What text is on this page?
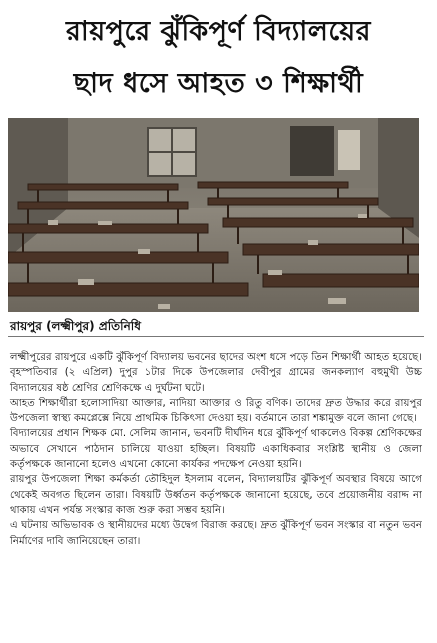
রায়পুরে ঝুঁকিপূর্ণ বিদ্যালয়ের
ছাদ ধসে আহত ৩ শিক্ষার্থী
রায়পুর (লক্ষ্মীপুর) প্রতিনিধি

লক্ষ্মীপুরের রায়পুরে একটি ঝুঁকিপূর্ণ বিদ্যালয় ভবনের ছাদের অংশ ধসে পড়ে তিন শিক্ষার্থী আহত হয়েছে। বৃহস্পতিবার (২ এপ্রিল) দুপুর ১টার দিকে উপজেলার দেবীপুর গ্রামের জনকল্যাণ বহুমুখী উচ্চ বিদ্যালয়ের ষষ্ঠ শ্রেণির শ্রেণিকক্ষে এ দুর্ঘটনা ঘটে।

আহত শিক্ষার্থীরা হলোসাদিয়া আক্তার, নাদিয়া আক্তার ও রিতু বণিক। তাদের দ্রুত উদ্ধার করে রায়পুর উপজেলা স্বাস্থ্য কমপ্লেক্সে নিয়ে প্রাথমিক চিকিৎসা দেওয়া হয়। বর্তমানে তারা শঙ্কামুক্ত বলে জানা গেছে।

বিদ্যালয়ের প্রধান শিক্ষক মো. সেলিম জানান, ভবনটি দীর্ঘদিন ধরে ঝুঁকিপূর্ণ থাকলেও বিকল্প শ্রেণিকক্ষের অভাবে সেখানে পাঠদান চালিয়ে যাওয়া হচ্ছিল। বিষয়টি একাধিকবার সংশ্লিষ্ট স্থানীয় ও জেলা কর্তৃপক্ষকে জানানো হলেও এখনো কোনো কার্যকর পদক্ষেপ নেওয়া হয়নি।

রায়পুর উপজেলা শিক্ষা কর্মকর্তা তৌহিদুল ইসলাম বলেন, বিদ্যালয়টির ঝুঁকিপূর্ণ অবস্থার বিষয়ে আগে থেকেই অবগত ছিলেন তারা। বিষয়টি উর্ধ্বতন কর্তৃপক্ষকে জানানো হয়েছে, তবে প্রয়োজনীয় বরাদ্দ না থাকায় এখন পর্যন্ত সংস্কার কাজ শুরু করা সম্ভব হয়নি।

এ ঘটনায় অভিভাবক ও স্থানীয়দের মধ্যে উদ্বেগ বিরাজ করছে। দ্রুত ঝুঁকিপূর্ণ ভবন সংস্কার বা নতুন ভবন নির্মাণের দাবি জানিয়েছেন তারা।
